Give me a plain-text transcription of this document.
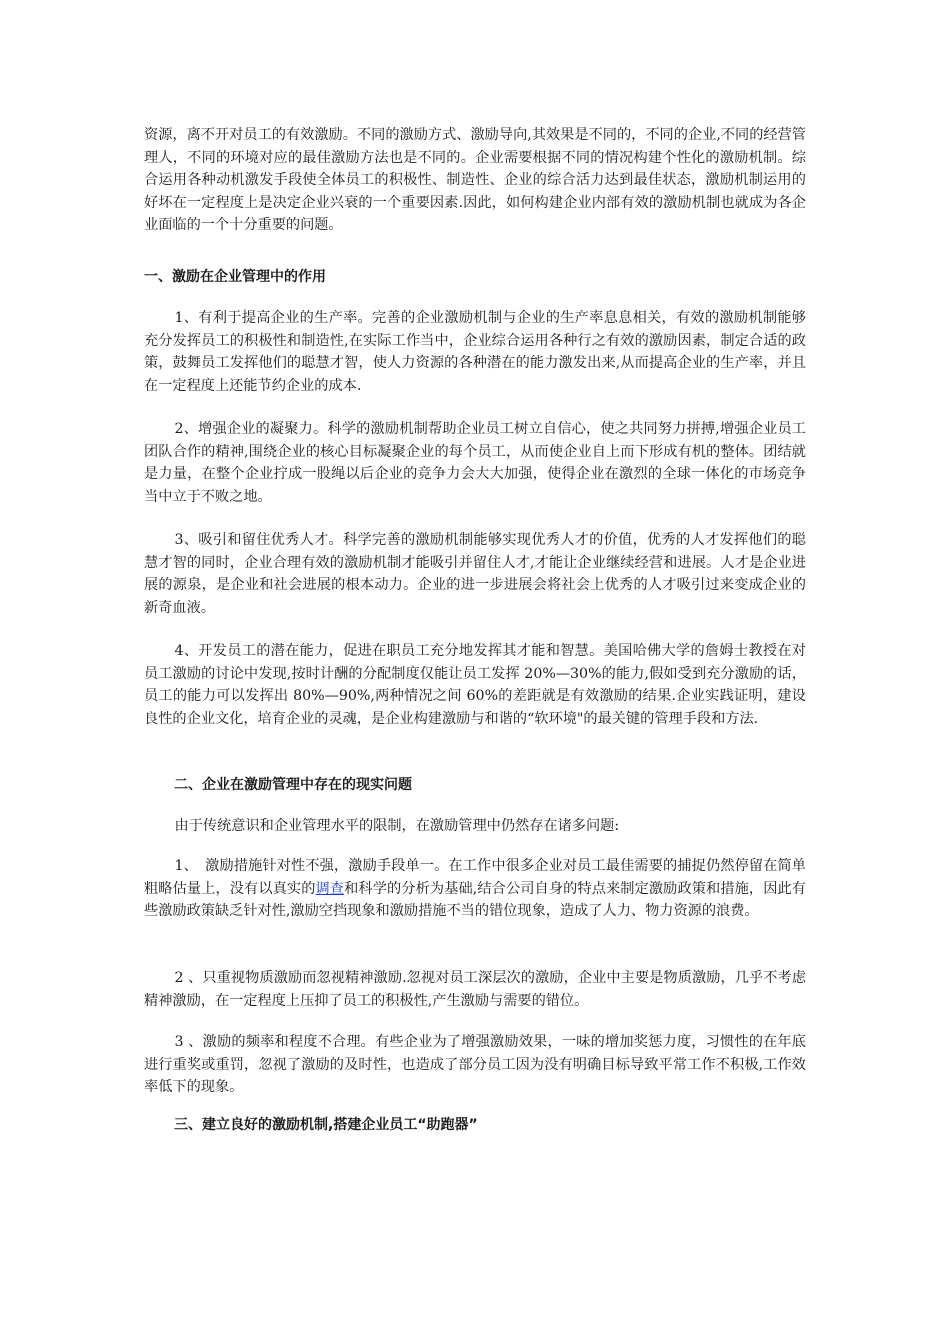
资源，离不开对员工的有效激励。不同的激励方式、激励导向,其效果是不同的，不同的企业,不同的经营管理人，不同的环境对应的最佳激励方法也是不同的。企业需要根据不同的情况构建个性化的激励机制。综合运用各种动机激发手段使全体员工的积极性、制造性、企业的综合活力达到最佳状态，激励机制运用的好坏在一定程度上是决定企业兴衰的一个重要因素.因此，如何构建企业内部有效的激励机制也就成为各企业面临的一个十分重要的问题。

一、激励在企业管理中的作用

1、有利于提高企业的生产率。完善的企业激励机制与企业的生产率息息相关，有效的激励机制能够充分发挥员工的积极性和制造性,在实际工作当中，企业综合运用各种行之有效的激励因素，制定合适的政策，鼓舞员工发挥他们的聪慧才智，使人力资源的各种潜在的能力激发出来,从而提高企业的生产率，并且在一定程度上还能节约企业的成本.

2、增强企业的凝聚力。科学的激励机制帮助企业员工树立自信心，使之共同努力拼搏,增强企业员工团队合作的精神,围绕企业的核心目标凝聚企业的每个员工，从而使企业自上而下形成有机的整体。团结就是力量，在整个企业拧成一股绳以后企业的竞争力会大大加强，使得企业在激烈的全球一体化的市场竞争当中立于不败之地。

3、吸引和留住优秀人才。科学完善的激励机制能够实现优秀人才的价值，优秀的人才发挥他们的聪慧才智的同时，企业合理有效的激励机制才能吸引并留住人才,才能让企业继续经营和进展。人才是企业进展的源泉，是企业和社会进展的根本动力。企业的进一步进展会将社会上优秀的人才吸引过来变成企业的新奇血液。

4、开发员工的潜在能力，促进在职员工充分地发挥其才能和智慧。美国哈佛大学的詹姆士教授在对员工激励的讨论中发现,按时计酬的分配制度仅能让员工发挥 20%—30%的能力,假如受到充分激励的话，员工的能力可以发挥出 80%—90%,两种情况之间 60%的差距就是有效激励的结果.企业实践证明，建设良性的企业文化，培育企业的灵魂，是企业构建激励与和谐的“软环境"的最关键的管理手段和方法.

二、企业在激励管理中存在的现实问题

由于传统意识和企业管理水平的限制，在激励管理中仍然存在诸多问题:

1、　激励措施针对性不强，激励手段单一。在工作中很多企业对员工最佳需要的捕捉仍然停留在简单粗略估量上，没有以真实的调查和科学的分析为基础,结合公司自身的特点来制定激励政策和措施，因此有些激励政策缺乏针对性,激励空挡现象和激励措施不当的错位现象，造成了人力、物力资源的浪费。

2 、只重视物质激励而忽视精神激励.忽视对员工深层次的激励，企业中主要是物质激励，几乎不考虑精神激励，在一定程度上压抑了员工的积极性,产生激励与需要的错位。

3 、激励的频率和程度不合理。有些企业为了增强激励效果，一味的增加奖惩力度，习惯性的在年底进行重奖或重罚，忽视了激励的及时性，也造成了部分员工因为没有明确目标导致平常工作不积极,工作效率低下的现象。

三、建立良好的激励机制,搭建企业员工“助跑器”
